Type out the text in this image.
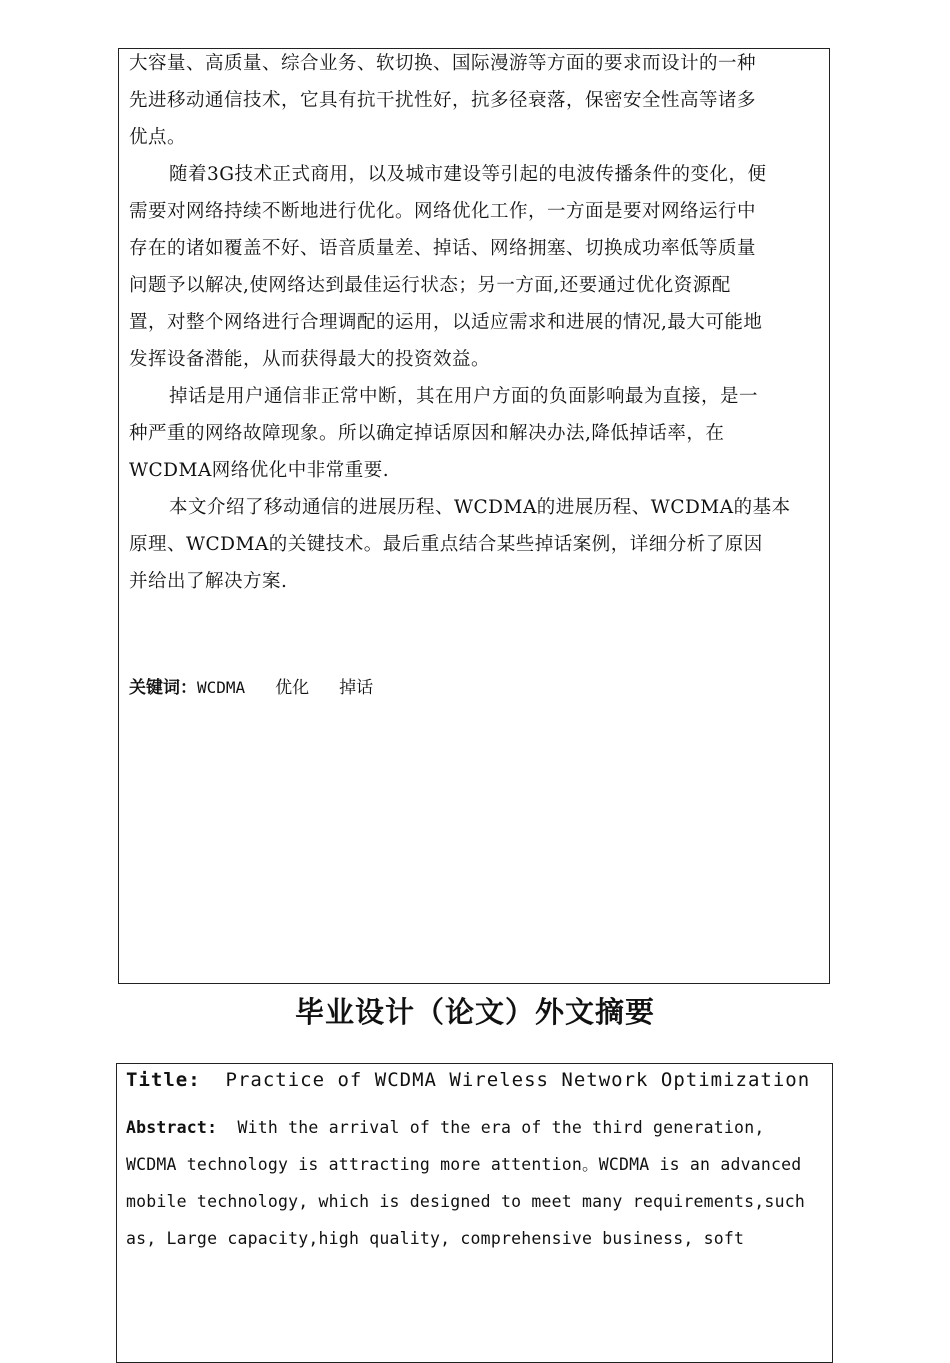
大容量、高质量、综合业务、软切换、国际漫游等方面的要求而设计的一种
先进移动通信技术，它具有抗干扰性好，抗多径衰落，保密安全性高等诸多
优点。
随着3G技术正式商用，以及城市建设等引起的电波传播条件的变化，便
需要对网络持续不断地进行优化。网络优化工作，一方面是要对网络运行中
存在的诸如覆盖不好、语音质量差、掉话、网络拥塞、切换成功率低等质量
问题予以解决,使网络达到最佳运行状态；另一方面,还要通过优化资源配
置，对整个网络进行合理调配的运用，以适应需求和进展的情况,最大可能地
发挥设备潜能，从而获得最大的投资效益。
掉话是用户通信非正常中断，其在用户方面的负面影响最为直接，是一
种严重的网络故障现象。所以确定掉话原因和解决办法,降低掉话率，在
WCDMA网络优化中非常重要.
本文介绍了移动通信的进展历程、WCDMA的进展历程、WCDMA的基本
原理、WCDMA的关键技术。最后重点结合某些掉话案例，详细分析了原因
并给出了解决方案.
关键词：WCDMA 优化 掉话
毕业设计（论文）外文摘要
Title: Practice of WCDMA Wireless Network Optimization
Abstract: With the arrival of the era of the third generation,
WCDMA technology is attracting more attention。WCDMA is an advanced
mobile technology, which is designed to meet many requirements,such
as, Large capacity,high quality, comprehensive business, soft
